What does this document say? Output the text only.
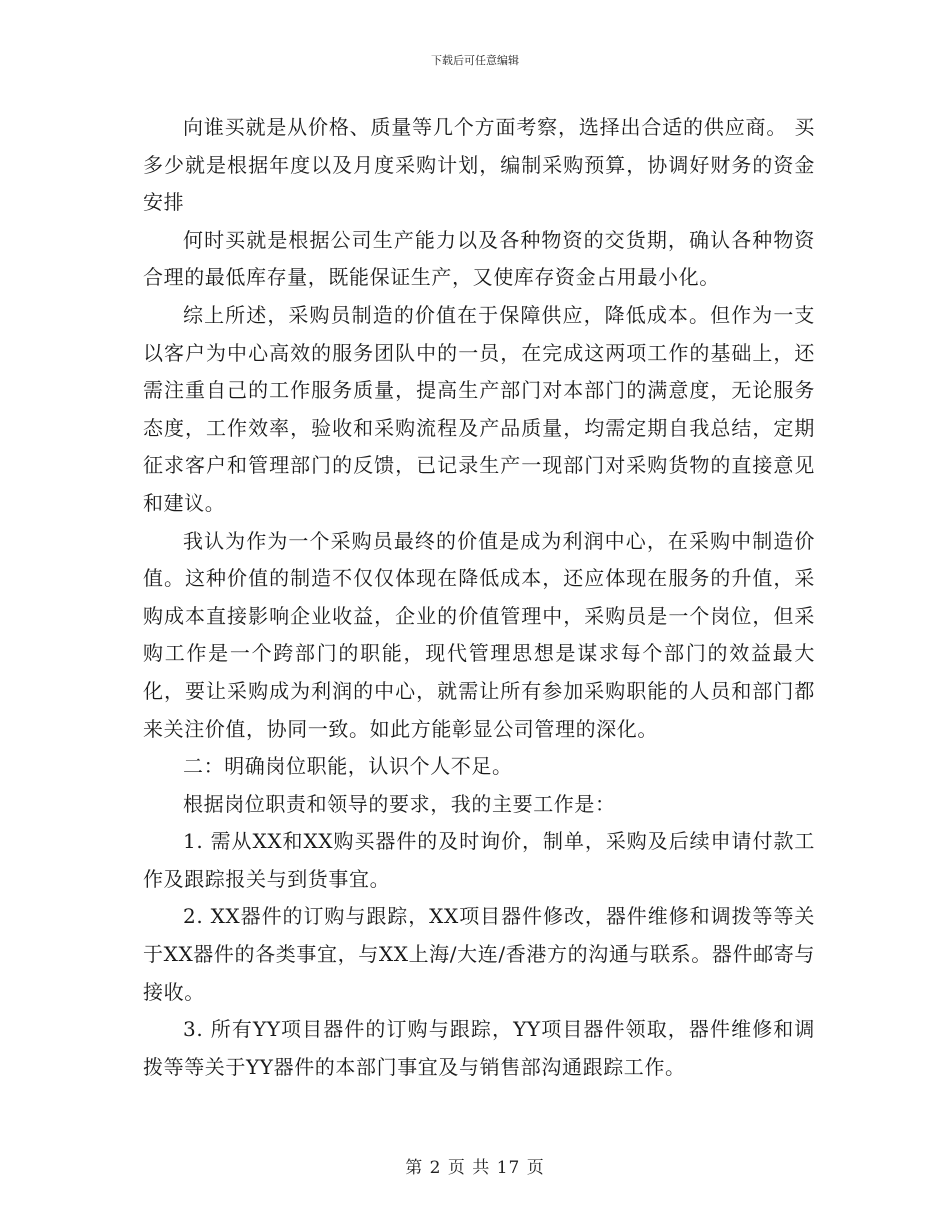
下载后可任意编辑

向谁买就是从价格、质量等几个方面考察，选择出合适的供应商。 买多少就是根据年度以及月度采购计划，编制采购预算，协调好财务的资金安排

何时买就是根据公司生产能力以及各种物资的交货期，确认各种物资合理的最低库存量，既能保证生产，又使库存资金占用最小化。

综上所述，采购员制造的价值在于保障供应，降低成本。但作为一支以客户为中心高效的服务团队中的一员，在完成这两项工作的基础上，还需注重自己的工作服务质量，提高生产部门对本部门的满意度，无论服务态度，工作效率，验收和采购流程及产品质量，均需定期自我总结，定期征求客户和管理部门的反馈，已记录生产一现部门对采购货物的直接意见和建议。

我认为作为一个采购员最终的价值是成为利润中心，在采购中制造价值。这种价值的制造不仅仅体现在降低成本，还应体现在服务的升值，采购成本直接影响企业收益，企业的价值管理中，采购员是一个岗位，但采购工作是一个跨部门的职能，现代管理思想是谋求每个部门的效益最大化，要让采购成为利润的中心，就需让所有参加采购职能的人员和部门都来关注价值，协同一致。如此方能彰显公司管理的深化。

二：明确岗位职能，认识个人不足。

根据岗位职责和领导的要求，我的主要工作是：

1. 需从XX和XX购买器件的及时询价，制单，采购及后续申请付款工作及跟踪报关与到货事宜。

2. XX器件的订购与跟踪，XX项目器件修改，器件维修和调拨等等关于XX器件的各类事宜，与XX上海/大连/香港方的沟通与联系。器件邮寄与接收。

3. 所有YY项目器件的订购与跟踪，YY项目器件领取，器件维修和调拨等等关于YY器件的本部门事宜及与销售部沟通跟踪工作。

第 2 页 共 17 页
